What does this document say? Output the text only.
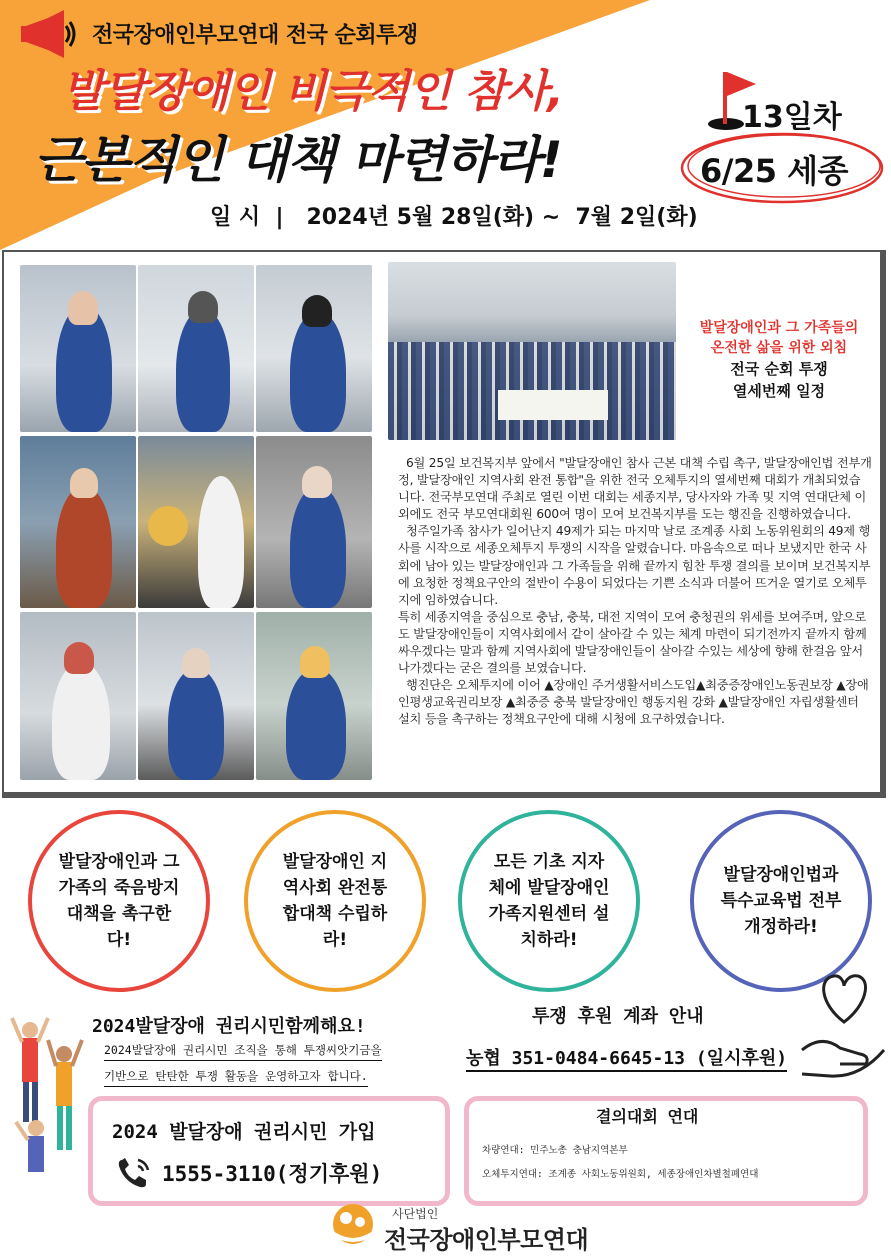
전국장애인부모연대 전국 순회투쟁
발달장애인 비극적인 참사,
근본적인 대책 마련하라!
일 시  |   2024년 5월 28일(화) ~  7월 2일(화)
13일차
6/25 세종
발달장애인과 그 가족들의
온전한 삶을 위한 외침
전국 순회 투쟁
열세번째 일정

6월 25일 보건복지부 앞에서 "발달장애인 참사 근본 대책 수립 촉구, 발달장애인법 전부개정, 발달장애인 지역사회 완전 통합"을 위한 전국 오체투지의 열세번째 대회가 개최되었습니다. 전국부모연대 주최로 열린 이번 대회는 세종지부, 당사자와 가족 및 지역 연대단체 이외에도 전국 부모연대회원 600여 명이 모여 보건복지부를 도는 행진을 진행하였습니다.

청주일가족 참사가 일어난지 49제가 되는 마지막 날로 조계종 사회 노동위원회의 49제 행사를 시작으로 세종오체투지 투쟁의 시작을 알렸습니다. 마음속으로 떠나 보냈지만 한국 사회에 남아 있는 발달장애인과 그 가족들을 위해 끝까지 힘찬 투쟁 결의를 보이며 보건복지부에 요청한 정책요구안의 절반이 수용이 되었다는 기쁜 소식과 더불어 뜨거운 열기로 오체투지에 임하였습니다.

특히 세종지역을 중심으로 충남, 충북, 대전 지역이 모여 충청권의 위세를 보여주며, 앞으로도 발달장애인들이 지역사회에서 같이 살아갈 수 있는 체계 마련이 되기전까지 끝까지 함께 싸우겠다는 말과 함께 지역사회에 발달장애인들이 살아갈 수있는 세상에 향해 한걸음 앞서나가겠다는 굳은 결의를 보였습니다.

행진단은 오체투지에 이어 ▲장애인 주거생활서비스도입▲최중증장애인노동권보장 ▲장애인평생교육권리보장 ▲최중증 충북 발달장애인 행동지원 강화 ▲발달장애인 자립생활센터 설치 등을 촉구하는 정책요구안에 대해 시청에 요구하였습니다.

발달장애인과 그 가족의 죽음방지대책을 촉구한다!
발달장애인 지역사회 완전통합대책 수립하라!
모든 기초 지자체에 발달장애인 가족지원센터 설치하라!
발달장애인법과 특수교육법 전부 개정하라!
2024발달장애 권리시민함께해요!
2024발달장애 권리시민 조직을 통해 투쟁씨앗기금을
기반으로 탄탄한 투쟁 활동을 운영하고자 합니다.
2024 발달장애 권리시민 가입
1555-3110(정기후원)
투쟁 후원 계좌 안내
농협 351-0484-6645-13 (일시후원)
결의대회 연대
차량연대: 민주노총 충남지역본부
오체투지연대: 조계종 사회노동위원회, 세종장애인차별철폐연대
사단법인
전국장애인부모연대
